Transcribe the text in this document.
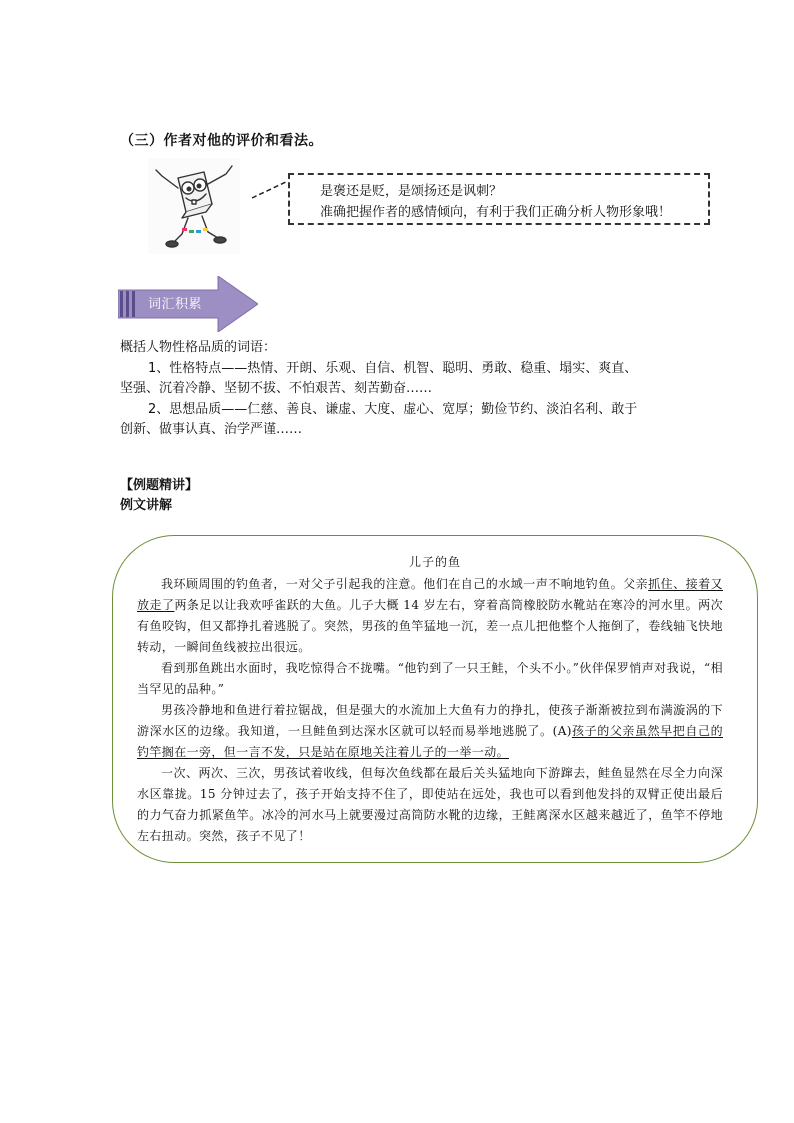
（三）作者对他的评价和看法。
是褒还是贬，是颂扬还是讽刺？
准确把握作者的感情倾向，有利于我们正确分析人物形象哦！
词汇积累

概括人物性格品质的词语：

1、性格特点——热情、开朗、乐观、自信、机智、聪明、勇敢、稳重、塌实、爽直、

坚强、沉着冷静、坚韧不拔、不怕艰苦、刻苦勤奋……

2、思想品质——仁慈、善良、谦虚、大度、虚心、宽厚；勤俭节约、淡泊名利、敢于

创新、做事认真、治学严谨……

【例题精讲】
例文讲解
儿子的鱼

我环顾周围的钓鱼者，一对父子引起我的注意。他们在自己的水域一声不响地钓鱼。父亲抓住、接着又放走了两条足以让我欢呼雀跃的大鱼。儿子大概 14 岁左右，穿着高筒橡胶防水靴站在寒冷的河水里。两次有鱼咬钩，但又都挣扎着逃脱了。突然，男孩的鱼竿猛地一沉，差一点儿把他整个人拖倒了，卷线轴飞快地转动，一瞬间鱼线被拉出很远。

看到那鱼跳出水面时，我吃惊得合不拢嘴。“他钓到了一只王鲑，个头不小。”伙伴保罗悄声对我说，“相当罕见的品种。”

男孩冷静地和鱼进行着拉锯战，但是强大的水流加上大鱼有力的挣扎，使孩子渐渐被拉到布满漩涡的下游深水区的边缘。我知道，一旦鲑鱼到达深水区就可以轻而易举地逃脱了。(A)孩子的父亲虽然早把自己的钓竿搁在一旁，但一言不发，只是站在原地关注着儿子的一举一动。

一次、两次、三次，男孩试着收线，但每次鱼线都在最后关头猛地向下游蹿去，鲑鱼显然在尽全力向深水区靠拢。15 分钟过去了，孩子开始支持不住了，即使站在远处，我也可以看到他发抖的双臂正使出最后的力气奋力抓紧鱼竿。冰冷的河水马上就要漫过高筒防水靴的边缘，王鲑离深水区越来越近了，鱼竿不停地左右扭动。突然，孩子不见了！
